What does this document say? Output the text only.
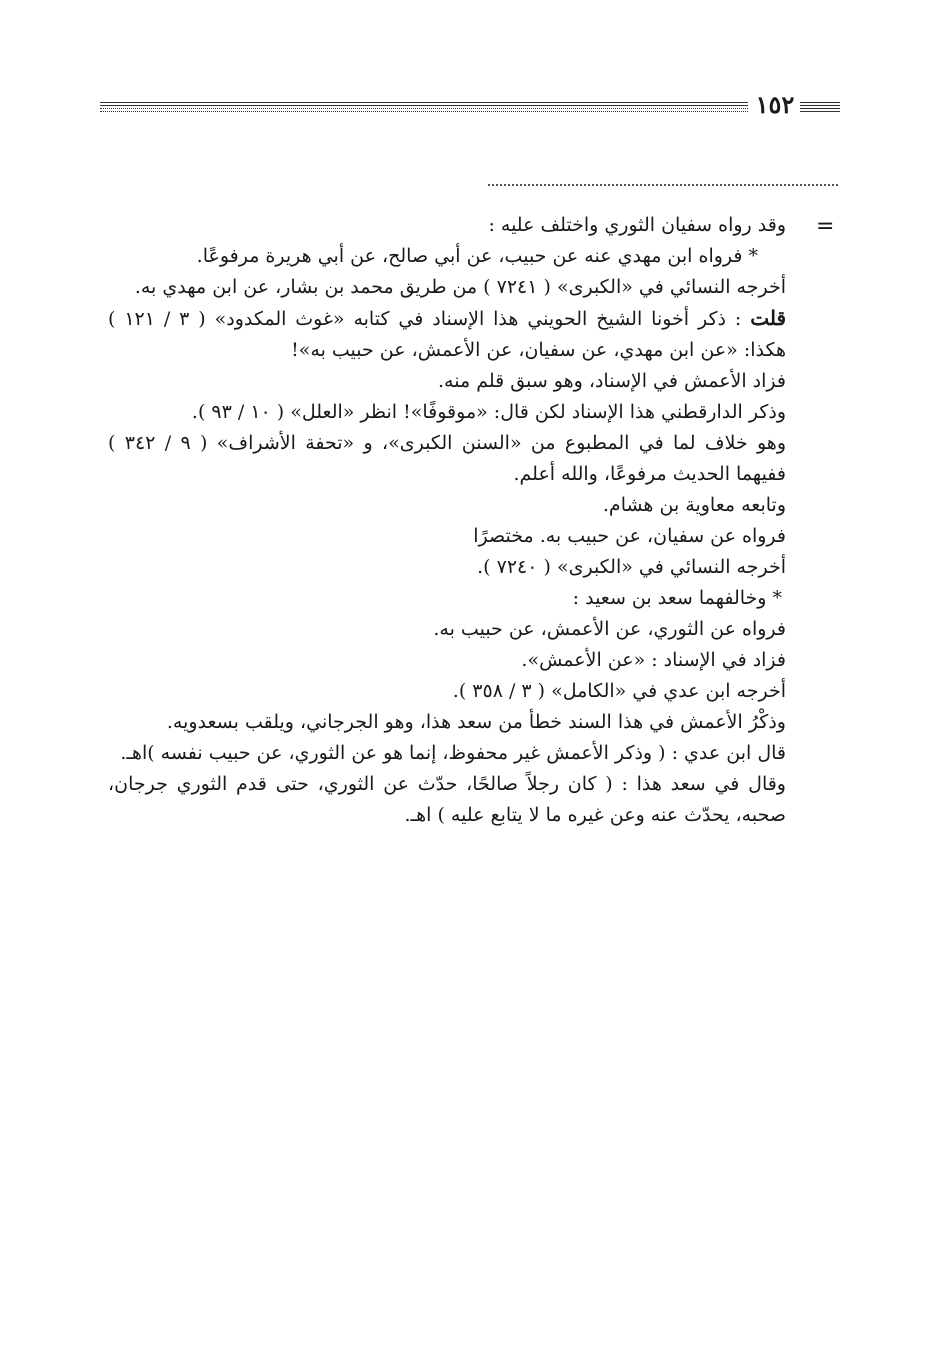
١٥٢
=

وقد رواه سفيان الثوري واختلف عليه :

* فرواه ابن مهدي عنه عن حبيب، عن أبي صالح، عن أبي هريرة مرفوعًا.

أخرجه النسائي في «الكبرى» ( ٧٢٤١ ) من طريق محمد بن بشار، عن ابن مهدي به.

قلت : ذكر أخونا الشيخ الحويني هذا الإسناد في كتابه «غوث المكدود» ( ٣ / ١٢١ ) هكذا: «عن ابن مهدي، عن سفيان، عن الأعمش، عن حبيب به»!

فزاد الأعمش في الإسناد، وهو سبق قلم منه.

وذكر الدارقطني هذا الإسناد لكن قال: «موقوفًا»! انظر «العلل» ( ١٠ / ٩٣ ).

وهو خلاف لما في المطبوع من «السنن الكبرى»، و «تحفة الأشراف» ( ٩ / ٣٤٢ ) ففيهما الحديث مرفوعًا، والله أعلم.

وتابعه معاوية بن هشام.

فرواه عن سفيان، عن حبيب به. مختصرًا

أخرجه النسائي في «الكبرى» ( ٧٢٤٠ ).

* وخالفهما سعد بن سعيد :

فرواه عن الثوري، عن الأعمش، عن حبيب به.

فزاد في الإسناد : «عن الأعمش».

أخرجه ابن عدي في «الكامل» ( ٣ / ٣٥٨ ).

وذكْرُ الأعمش في هذا السند خطأ من سعد هذا، وهو الجرجاني، ويلقب بسعدويه.

قال ابن عدي : ( وذكر الأعمش غير محفوظ، إنما هو عن الثوري، عن حبيب نفسه )اهـ.

وقال في سعد هذا : ( كان رجلاً صالحًا، حدّث عن الثوري، حتى قدم الثوري جرجان، صحبه، يحدّث عنه وعن غيره ما لا يتابع عليه ) اهـ.
